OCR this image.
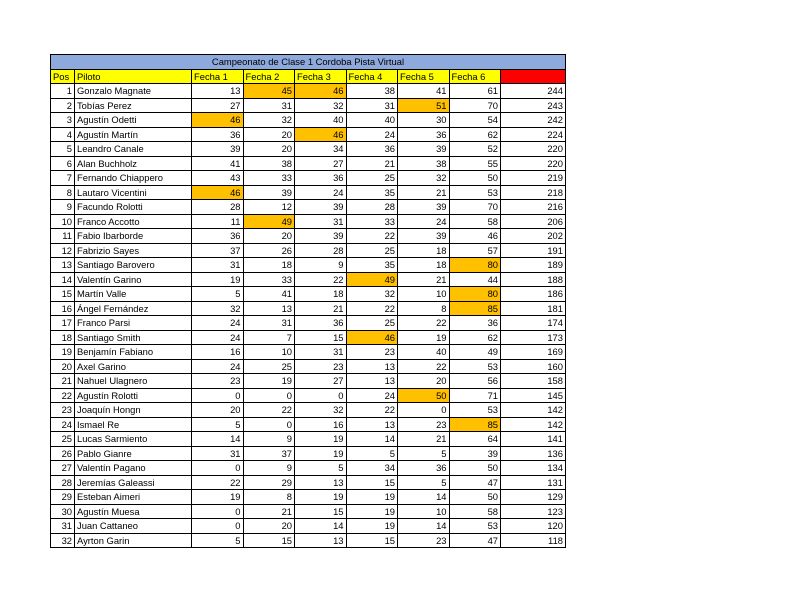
Campeonato de Clase 1 Cordoba Pista Virtual								
Pos	Piloto	Fecha 1	Fecha 2	Fecha 3	Fecha 4	Fecha 5	Fecha 6	Puntos
1	Gonzalo Magnate	13	45	46	38	41	61	244
2	Tobías Perez	27	31	32	31	51	70	243
3	Agustín Odetti	46	32	40	40	30	54	242
4	Agustín Martín	36	20	46	24	36	62	224
5	Leandro Canale	39	20	34	36	39	52	220
6	Alan Buchholz	41	38	27	21	38	55	220
7	Fernando Chiappero	43	33	36	25	32	50	219
8	Lautaro Vicentini	46	39	24	35	21	53	218
9	Facundo Rolotti	28	12	39	28	39	70	216
10	Franco Accotto	11	49	31	33	24	58	206
11	Fabio Ibarborde	36	20	39	22	39	46	202
12	Fabrizio Sayes	37	26	28	25	18	57	191
13	Santiago Barovero	31	18	9	35	18	80	189
14	Valentín Garino	19	33	22	49	21	44	188
15	Martín Valle	5	41	18	32	10	80	186
16	Ángel Fernández	32	13	21	22	8	85	181
17	Franco Parsi	24	31	36	25	22	36	174
18	Santiago Smith	24	7	15	46	19	62	173
19	Benjamín Fabiano	16	10	31	23	40	49	169
20	Axel Garino	24	25	23	13	22	53	160
21	Nahuel Ulagnero	23	19	27	13	20	56	158
22	Agustín Rolotti	0	0	0	24	50	71	145
23	Joaquín Hongn	20	22	32	22	0	53	142
24	Ismael Re	5	0	16	13	23	85	142
25	Lucas Sarmiento	14	9	19	14	21	64	141
26	Pablo Gianre	31	37	19	5	5	39	136
27	Valentín Pagano	0	9	5	34	36	50	134
28	Jeremías Galeassi	22	29	13	15	5	47	131
29	Esteban Aimeri	19	8	19	19	14	50	129
30	Agustín Muesa	0	21	15	19	10	58	123
31	Juan Cattaneo	0	20	14	19	14	53	120
32	Ayrton Garin	5	15	13	15	23	47	118
